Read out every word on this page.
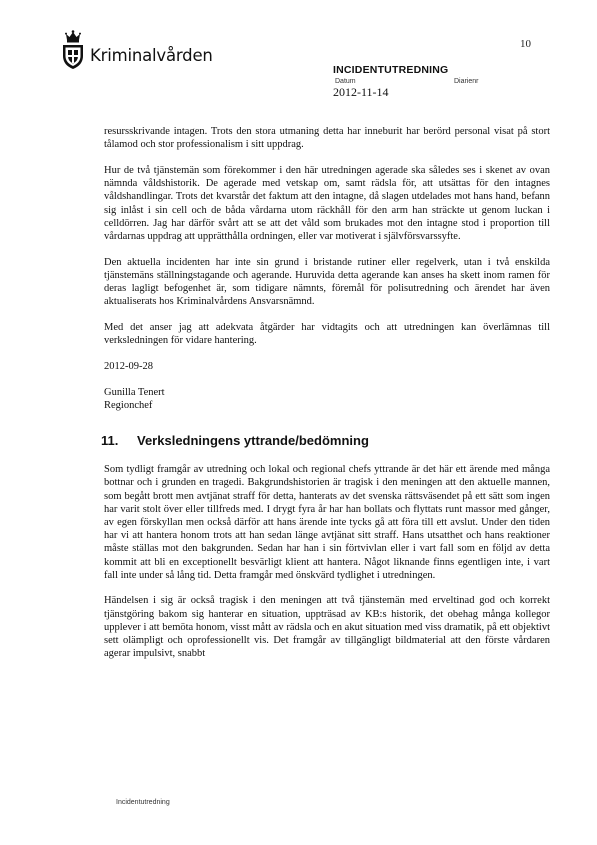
Kriminalvården
10
INCIDENTUTREDNING
Datum	Diarienr
2012-11-14

resursskrivande intagen. Trots den stora utmaning detta har inneburit har berörd personal visat på stort tålamod och stor professionalism i sitt uppdrag.

Hur de två tjänstemän som förekommer i den här utredningen agerade ska således ses i skenet av ovan nämnda våldshistorik. De agerade med vetskap om, samt rädsla för, att utsättas för den intagnes våldshandlingar. Trots det kvarstår det faktum att den intagne, då slagen utdelades mot hans hand, befann sig inlåst i sin cell och de båda vårdarna utom räckhåll för den arm han sträckte ut genom luckan i celldörren. Jag har därför svårt att se att det våld som brukades mot den intagne stod i proportion till vårdarnas uppdrag att upprätthålla ordningen, eller var motiverat i självförsvarssyfte.

Den aktuella incidenten har inte sin grund i bristande rutiner eller regelverk, utan i två enskilda tjänstemäns ställningstagande och agerande. Huruvida detta agerande kan anses ha skett inom ramen för deras lagligt befogenhet är, som tidigare nämnts, föremål för polisutredning och ärendet har även aktualiserats hos Kriminalvårdens Ansvarsnämnd.

Med det anser jag att adekvata åtgärder har vidtagits och att utredningen kan överlämnas till verksledningen för vidare hantering.

2012-09-28
Gunilla Tenert
Regionchef
11. Verksledningens yttrande/bedömning

Som tydligt framgår av utredning och lokal och regional chefs yttrande är det här ett ärende med många bottnar och i grunden en tragedi. Bakgrundshistorien är tragisk i den meningen att den aktuelle mannen, som begått brott men avtjänat straff för detta, hanterats av det svenska rättsväsendet på ett sätt som ingen har varit stolt över eller tillfreds med. I drygt fyra år har han bollats och flyttats runt massor med gånger, av egen förskyllan men också därför att hans ärende inte tycks gå att föra till ett avslut. Under den tiden har vi att hantera honom trots att han sedan länge avtjänat sitt straff. Hans utsatthet och hans reaktioner måste ställas mot den bakgrunden. Sedan har han i sin förtvivlan eller i vart fall som en följd av detta kommit att bli en exceptionellt besvärligt klient att hantera. Något liknande finns egentligen inte, i vart fall inte under så lång tid. Detta framgår med önskvärd tydlighet i utredningen.

Händelsen i sig är också tragisk i den meningen att två tjänstemän med erveltinad god och korrekt tjänstgöring bakom sig hanterar en situation, uppträsad av KB:s historik, det obehag många kollegor upplever i att bemöta honom, visst mått av rädsla och en akut situation med viss dramatik, på ett objektivt sett olämpligt och oprofessionellt vis. Det framgår av tillgängligt bildmaterial att den förste vårdaren agerar impulsivt, snabbt

Incidentutredning
